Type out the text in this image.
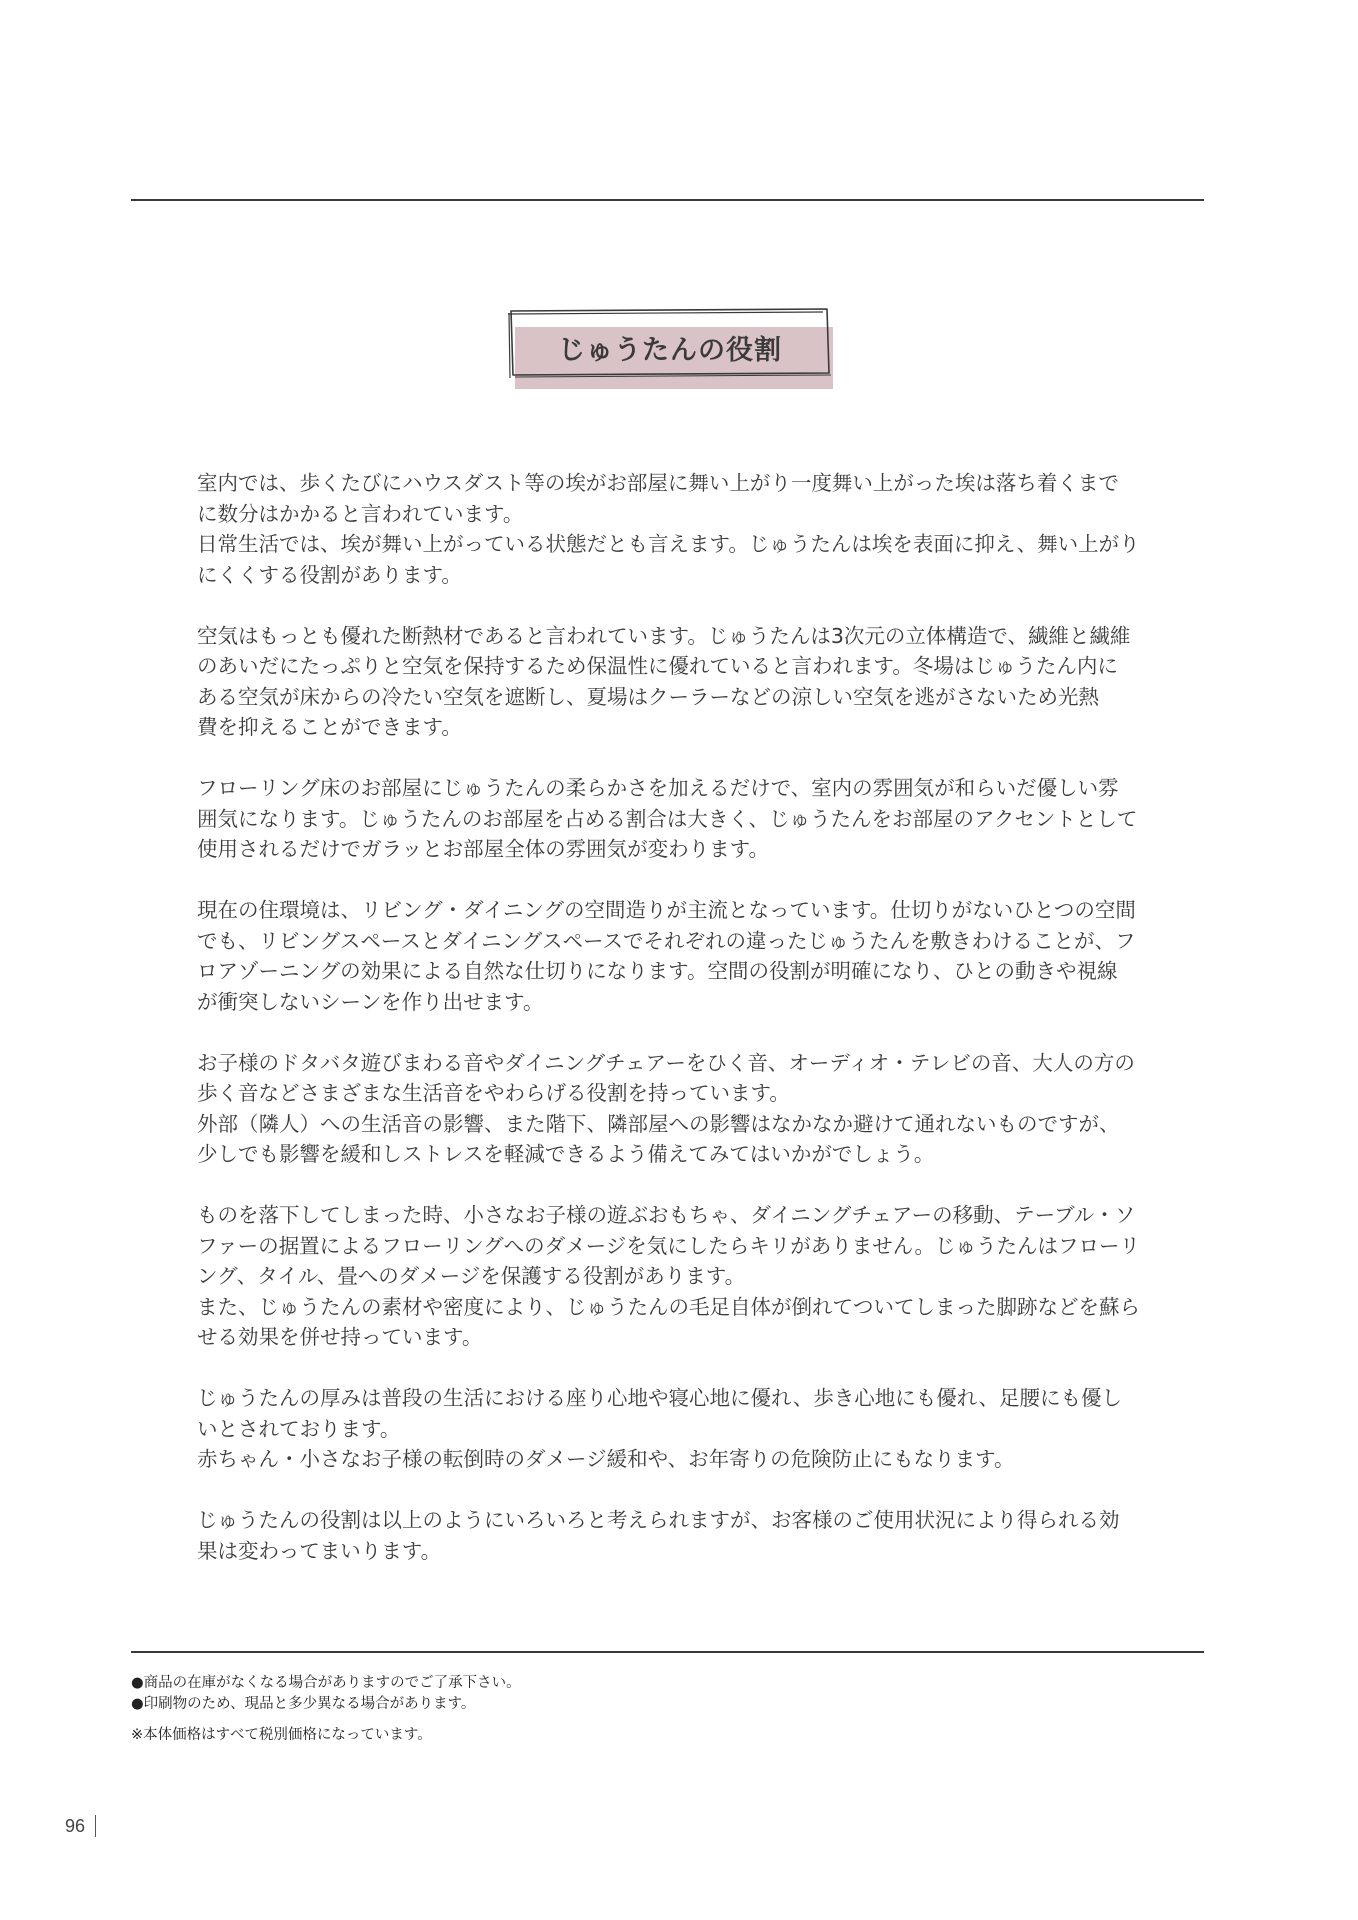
じゅうたんの役割
室内では、歩くたびにハウスダスト等の埃がお部屋に舞い上がり一度舞い上がった埃は落ち着くまで
に数分はかかると言われています。
日常生活では、埃が舞い上がっている状態だとも言えます。じゅうたんは埃を表面に抑え、舞い上がり
にくくする役割があります。
空気はもっとも優れた断熱材であると言われています。じゅうたんは3次元の立体構造で、繊維と繊維
のあいだにたっぷりと空気を保持するため保温性に優れていると言われます。冬場はじゅうたん内に
ある空気が床からの冷たい空気を遮断し、夏場はクーラーなどの涼しい空気を逃がさないため光熱
費を抑えることができます。
フローリング床のお部屋にじゅうたんの柔らかさを加えるだけで、室内の雰囲気が和らいだ優しい雰
囲気になります。じゅうたんのお部屋を占める割合は大きく、じゅうたんをお部屋のアクセントとして
使用されるだけでガラッとお部屋全体の雰囲気が変わります。
現在の住環境は、リビング・ダイニングの空間造りが主流となっています。仕切りがないひとつの空間
でも、リビングスペースとダイニングスペースでそれぞれの違ったじゅうたんを敷きわけることが、フ
ロアゾーニングの効果による自然な仕切りになります。空間の役割が明確になり、ひとの動きや視線
が衝突しないシーンを作り出せます。
お子様のドタバタ遊びまわる音やダイニングチェアーをひく音、オーディオ・テレビの音、大人の方の
歩く音などさまざまな生活音をやわらげる役割を持っています。
外部（隣人）への生活音の影響、また階下、隣部屋への影響はなかなか避けて通れないものですが、
少しでも影響を緩和しストレスを軽減できるよう備えてみてはいかがでしょう。
ものを落下してしまった時、小さなお子様の遊ぶおもちゃ、ダイニングチェアーの移動、テーブル・ソ
ファーの据置によるフローリングへのダメージを気にしたらキリがありません。じゅうたんはフローリ
ング、タイル、畳へのダメージを保護する役割があります。
また、じゅうたんの素材や密度により、じゅうたんの毛足自体が倒れてついてしまった脚跡などを蘇ら
せる効果を併せ持っています。
じゅうたんの厚みは普段の生活における座り心地や寝心地に優れ、歩き心地にも優れ、足腰にも優し
いとされております。
赤ちゃん・小さなお子様の転倒時のダメージ緩和や、お年寄りの危険防止にもなります。
じゅうたんの役割は以上のようにいろいろと考えられますが、お客様のご使用状況により得られる効
果は変わってまいります。
●商品の在庫がなくなる場合がありますのでご了承下さい。
●印刷物のため、現品と多少異なる場合があります。
※本体価格はすべて税別価格になっています。
96
